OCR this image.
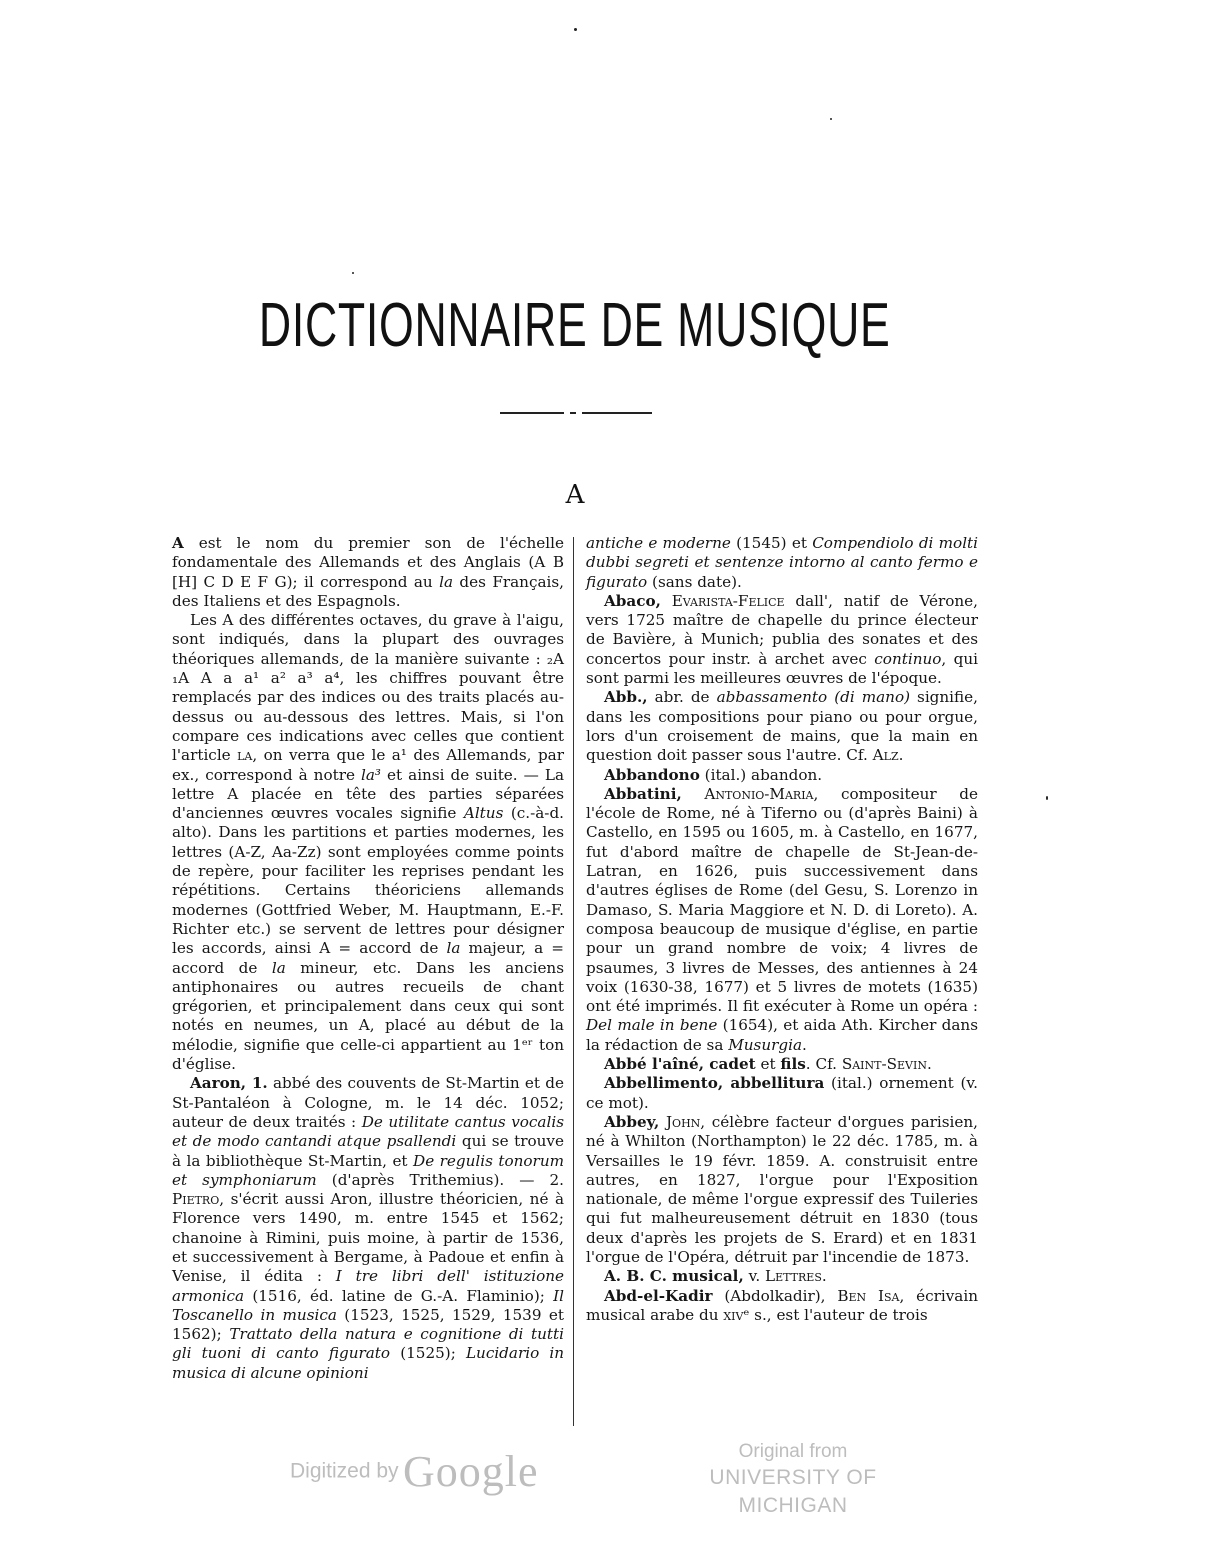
DICTIONNAIRE DE MUSIQUE
A

A est le nom du premier son de l'échelle fondamentale des Allemands et des Anglais (A B [H] C D E F G); il correspond au la des Français, des Italiens et des Espagnols.

Les A des différentes octaves, du grave à l'aigu, sont indiqués, dans la plupart des ouvrages théoriques allemands, de la manière suivante : ₂A ₁A A a a¹ a² a³ a⁴, les chiffres pouvant être remplacés par des indices ou des traits placés au-dessus ou au-dessous des lettres. Mais, si l'on compare ces indications avec celles que contient l'article la, on verra que le a¹ des Allemands, par ex., correspond à notre la³ et ainsi de suite. — La lettre A placée en tête des parties séparées d'anciennes œuvres vocales signifie Altus (c.-à-d. alto). Dans les partitions et parties modernes, les lettres (A-Z, Aa-Zz) sont employées comme points de repère, pour faciliter les reprises pendant les répétitions. Certains théoriciens allemands modernes (Gottfried Weber, M. Hauptmann, E.-F. Richter etc.) se servent de lettres pour désigner les accords, ainsi A = accord de la majeur, a = accord de la mineur, etc. Dans les anciens antiphonaires ou autres recueils de chant grégorien, et principalement dans ceux qui sont notés en neumes, un A, placé au début de la mélodie, signifie que celle-ci appartient au 1ᵉʳ ton d'église.

Aaron, 1. abbé des couvents de St-Martin et de St-Pantaléon à Cologne, m. le 14 déc. 1052; auteur de deux traités : De utilitate cantus vocalis et de modo cantandi atque psallendi qui se trouve à la bibliothèque St-Martin, et De regulis tonorum et symphoniarum (d'après Trithemius). — 2. Pietro, s'écrit aussi Aron, illustre théoricien, né à Florence vers 1490, m. entre 1545 et 1562; chanoine à Rimini, puis moine, à partir de 1536, et successivement à Bergame, à Padoue et enfin à Venise, il édita : I tre libri dell' istituzione armonica (1516, éd. latine de G.-A. Flaminio); Il Toscanello in musica (1523, 1525, 1529, 1539 et 1562); Trattato della natura e cognitione di tutti gli tuoni di canto figurato (1525); Lucidario in musica di alcune opinioni

antiche e moderne (1545) et Compendiolo di molti dubbi segreti et sentenze intorno al canto fermo e figurato (sans date).

Abaco, Evarista-Felice dall', natif de Vérone, vers 1725 maître de chapelle du prince électeur de Bavière, à Munich; publia des sonates et des concertos pour instr. à archet avec continuo, qui sont parmi les meilleures œuvres de l'époque.

Abb., abr. de abbassamento (di mano) signifie, dans les compositions pour piano ou pour orgue, lors d'un croisement de mains, que la main en question doit passer sous l'autre. Cf. Alz.

Abbandono (ital.) abandon.

Abbatini, Antonio-Maria, compositeur de l'école de Rome, né à Tiferno ou (d'après Baini) à Castello, en 1595 ou 1605, m. à Castello, en 1677, fut d'abord maître de chapelle de St-Jean-de-Latran, en 1626, puis successivement dans d'autres églises de Rome (del Gesu, S. Lorenzo in Damaso, S. Maria Maggiore et N. D. di Loreto). A. composa beaucoup de musique d'église, en partie pour un grand nombre de voix; 4 livres de psaumes, 3 livres de Messes, des antiennes à 24 voix (1630-38, 1677) et 5 livres de motets (1635) ont été imprimés. Il fit exécuter à Rome un opéra : Del male in bene (1654), et aida Ath. Kircher dans la rédaction de sa Musurgia.

Abbé l'aîné, cadet et fils. Cf. Saint-Sevin.

Abbellimento, abbellitura (ital.) ornement (v. ce mot).

Abbey, John, célèbre facteur d'orgues parisien, né à Whilton (Northampton) le 22 déc. 1785, m. à Versailles le 19 févr. 1859. A. construisit entre autres, en 1827, l'orgue pour l'Exposition nationale, de même l'orgue expressif des Tuileries qui fut malheureusement détruit en 1830 (tous deux d'après les projets de S. Erard) et en 1831 l'orgue de l'Opéra, détruit par l'incendie de 1873.

A. B. C. musical, v. Lettres.

Abd-el-Kadir (Abdolkadir), Ben Isa, écrivain musical arabe du xivᵉ s., est l'auteur de trois

Digitized by Google	Original from
UNIVERSITY OF MICHIGAN
